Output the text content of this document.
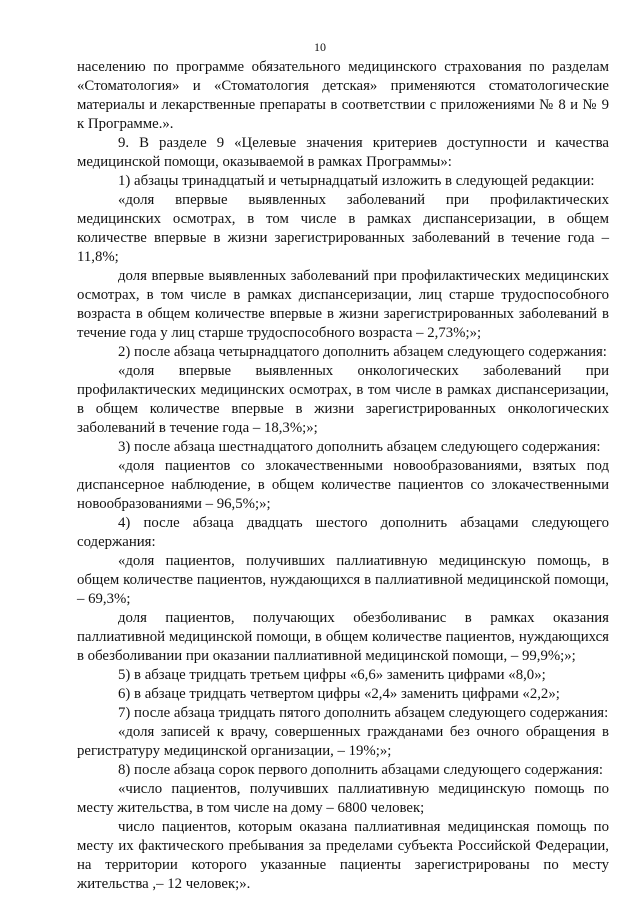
10

населению по программе обязательного медицинского страхования по разделам «Стоматология» и «Стоматология детская» применяются стоматологические материалы и лекарственные препараты в соответствии с приложениями № 8 и № 9 к Программе.».

9. В разделе 9 «Целевые значения критериев доступности и качества медицинской помощи, оказываемой в рамках Программы»:

1) абзацы тринадцатый и четырнадцатый изложить в следующей редакции:

«доля впервые выявленных заболеваний при профилактических медицинских осмотрах, в том числе в рамках диспансеризации, в общем количестве впервые в жизни зарегистрированных заболеваний в течение года – 11,8%;

доля впервые выявленных заболеваний при профилактических медицинских осмотрах, в том числе в рамках диспансеризации, лиц старше трудоспособного возраста в общем количестве впервые в жизни зарегистрированных заболеваний в течение года у лиц старше трудоспособного возраста – 2,73%;»;

2) после абзаца четырнадцатого дополнить абзацем следующего содержания:

«доля впервые выявленных онкологических заболеваний при профилактических медицинских осмотрах, в том числе в рамках диспансеризации, в общем количестве впервые в жизни зарегистрированных онкологических заболеваний в течение года – 18,3%;»;

3) после абзаца шестнадцатого дополнить абзацем следующего содержания:

«доля пациентов со злокачественными новообразованиями, взятых под диспансерное наблюдение, в общем количестве пациентов со злокачественными новообразованиями – 96,5%;»;

4) после абзаца двадцать шестого дополнить абзацами следующего содержания:

«доля пациентов, получивших паллиативную медицинскую помощь, в общем количестве пациентов, нуждающихся в паллиативной медицинской помощи, – 69,3%;

доля пациентов, получающих обезболиванис в рамках оказания паллиативной медицинской помощи, в общем количестве пациентов, нуждающихся в обезболивании при оказании паллиативной медицинской помощи, – 99,9%;»;

5) в абзаце тридцать третьем цифры «6,6» заменить цифрами «8,0»;

6) в абзаце тридцать четвертом цифры «2,4» заменить цифрами «2,2»;

7) после абзаца тридцать пятого дополнить абзацем следующего содержания:

«доля записей к врачу, совершенных гражданами без очного обращения в регистратуру медицинской организации, – 19%;»;

8) после абзаца сорок первого дополнить абзацами следующего содержания:

«число пациентов, получивших паллиативную медицинскую помощь по месту жительства, в том числе на дому – 6800 человек;

число пациентов, которым оказана паллиативная медицинская помощь по месту их фактического пребывания за пределами субъекта Российской Федерации, на территории которого указанные пациенты зарегистрированы по месту жительства ,– 12 человек;».
